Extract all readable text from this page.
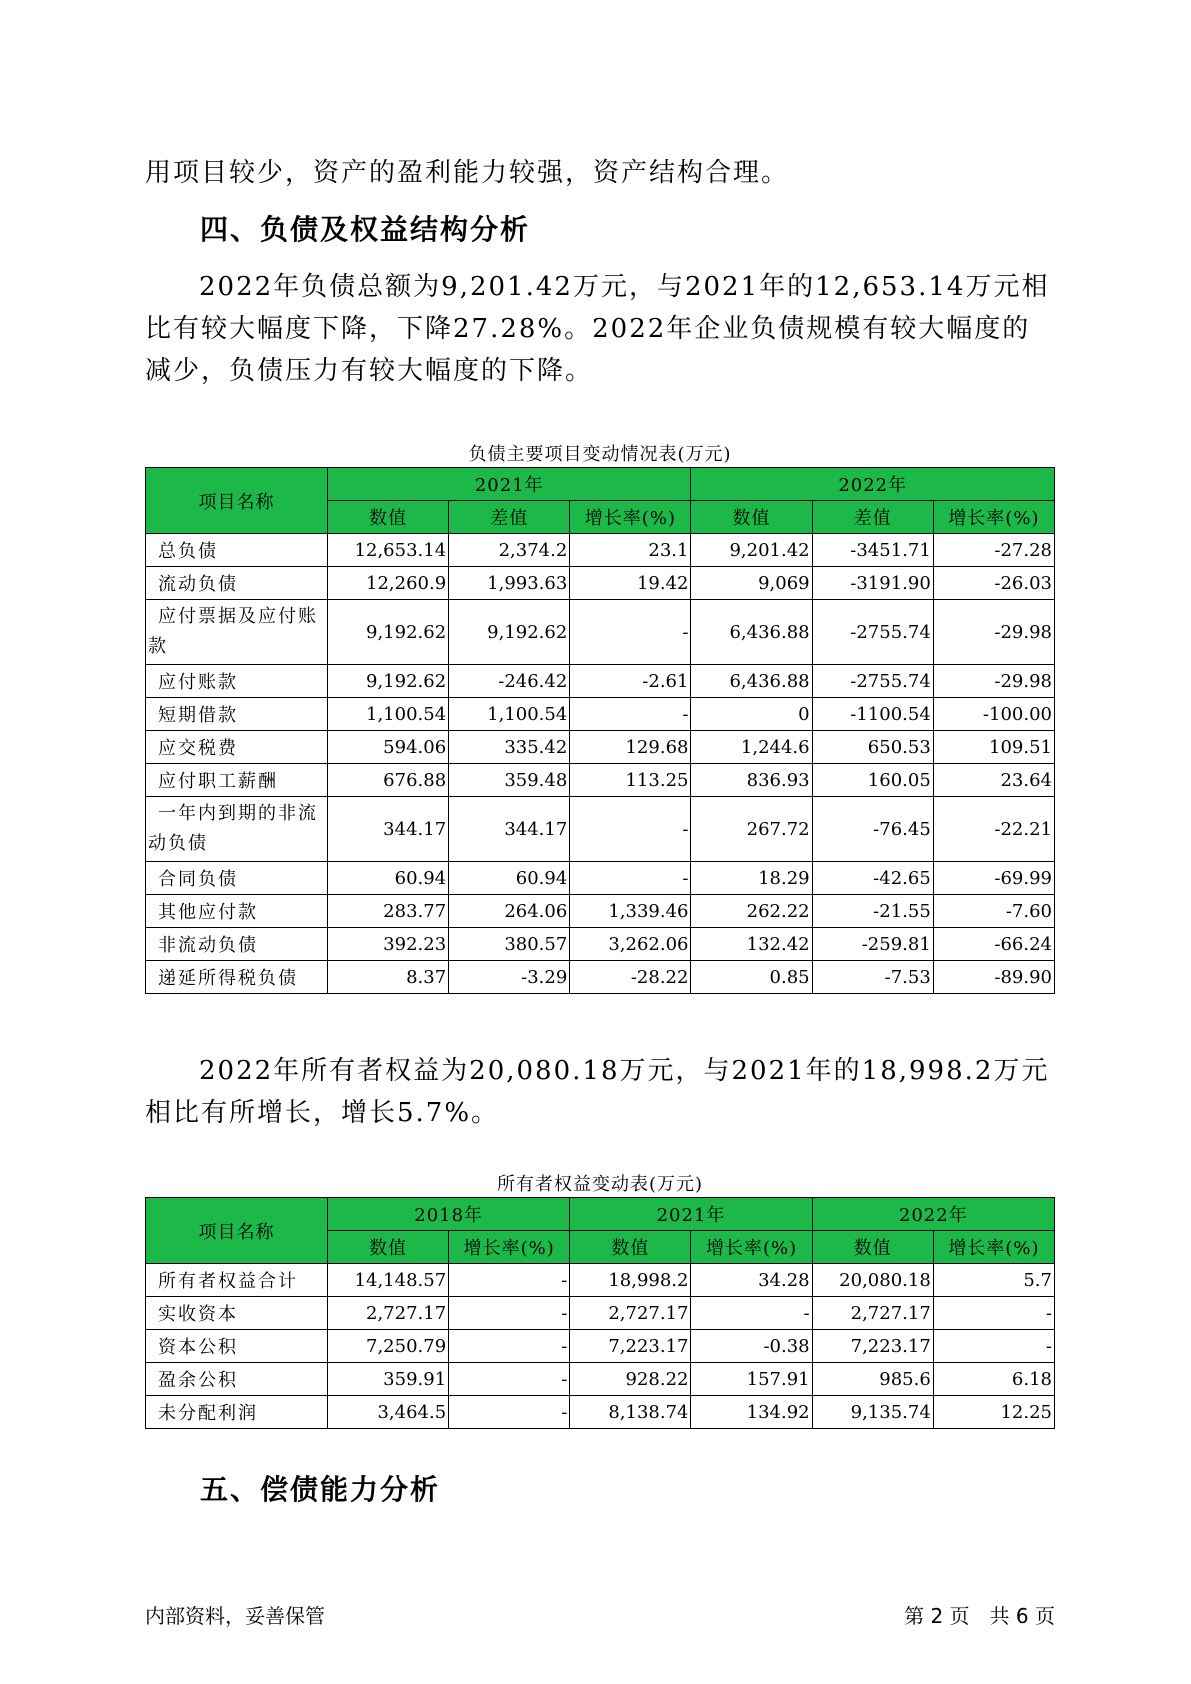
用项目较少，资产的盈利能力较强，资产结构合理。

四、负债及权益结构分析

2022年负债总额为9,201.42万元，与2021年的12,653.14万元相比有较大幅度下降，下降27.28%。2022年企业负债规模有较大幅度的减少，负债压力有较大幅度的下降。

负债主要项目变动情况表(万元)
项目名称	2021年			2022年		
	数值	差值	增长率(%)	数值	差值	增长率(%)
总负债	12,653.14	2,374.2	23.1	9,201.42	-3451.71	-27.28
流动负债	12,260.9	1,993.63	19.42	9,069	-3191.90	-26.03
应付票据及应付账款	9,192.62	9,192.62	-	6,436.88	-2755.74	-29.98
应付账款	9,192.62	-246.42	-2.61	6,436.88	-2755.74	-29.98
短期借款	1,100.54	1,100.54	-	0	-1100.54	-100.00
应交税费	594.06	335.42	129.68	1,244.6	650.53	109.51
应付职工薪酬	676.88	359.48	113.25	836.93	160.05	23.64
一年内到期的非流动负债	344.17	344.17	-	267.72	-76.45	-22.21
合同负债	60.94	60.94	-	18.29	-42.65	-69.99
其他应付款	283.77	264.06	1,339.46	262.22	-21.55	-7.60
非流动负债	392.23	380.57	3,262.06	132.42	-259.81	-66.24
递延所得税负债	8.37	-3.29	-28.22	0.85	-7.53	-89.90

2022年所有者权益为20,080.18万元，与2021年的18,998.2万元相比有所增长，增长5.7%。

所有者权益变动表(万元)
项目名称	2018年		2021年		2022年	
	数值	增长率(%)	数值	增长率(%)	数值	增长率(%)
所有者权益合计	14,148.57	-	18,998.2	34.28	20,080.18	5.7
实收资本	2,727.17	-	2,727.17	-	2,727.17	-
资本公积	7,250.79	-	7,223.17	-0.38	7,223.17	-
盈余公积	359.91	-	928.22	157.91	985.6	6.18
未分配利润	3,464.5	-	8,138.74	134.92	9,135.74	12.25
五、偿债能力分析
内部资料，妥善保管	第 2 页　共 6 页
